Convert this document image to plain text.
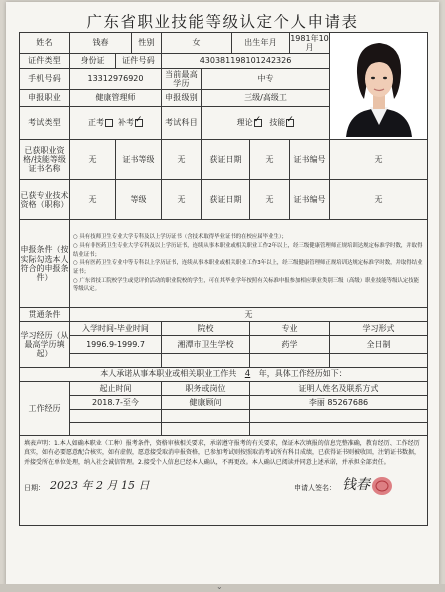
广东省职业技能等级认定个人申请表
姓名	钱春		性别	女		出生年月		1981年10月	
证件类型	身份证	证件号码		430381198101242326					
手机号码	13312976920			当前最高学历	中专				
申报职业	健康管理师			申报级别	三级/高级工				
考试类型	正考 补考✓			考试科目	理论 ✓ 技能✓
已获职业资格/技能等级证书名称	无	证书等级		无	获证日期		无	证书编号	无
已获专业技术资格（职称）	无	等级		无	获证日期		无	证书编号	无
申报条件（按实际勾选本人符合的申报条件）	○ 具有技师卫生专业大学专科及以上学历证书（含技术取得毕业证书的在校应届毕业生）；
○ 具有非医药卫生专业大学专科及以上学历证书，连续从事本职业或相关职业工作2年以上，经三级健康管理师正规培训达规定标准学时数，并取得结业证书；
○ 具有医药卫生专业中等专科以上学历证书，连续从事本职业或相关职业工作3年以上，经三级健康管理师正规培训达规定标准学时数，并取得结业证书；
○ 广东省技工院校学生或党评价活动的职业院校的学生，可在其毕业学年按照有关标准申报参加相应职业类别三级（高级）职业技能等级认定技能等级认定。								

贯通条件	无								
学习经历（从最高学历填起）	入学时间-毕业时间			院校			专业		学习形式
	1996.9-1999.7			湘潭市卫生学校			药学		全日制

本人承诺从事本职业或相关职业工作共 4 年，具体工作经历如下：									
工作经历	起止时间			职务或岗位			证明人姓名及联系方式		
	2018.7-至今			健康顾问			李丽 85267686		

填表声明：1.本人如确本职业（工种）报考条件，资格审核相关要求，承诺遵守报考的有关要求，保证本次填报的信息完整准确，教育经历、工作经历真实，如有必要愿意配合核实，如有虚假，愿意接受取消申报资格，已参加考试则按照取消考试所有科目成绩，已获得证书则被收回，注销证书数据，并接受所在单位处理，纳入社会诚信管理。2.接受个人信息已经本人确认，不再更改。本人确认已阅读并同意上述承诺，并承担全部责任。
日期： 2023 年 2 月 15 日 申请人签名： 钱春									
⌄
